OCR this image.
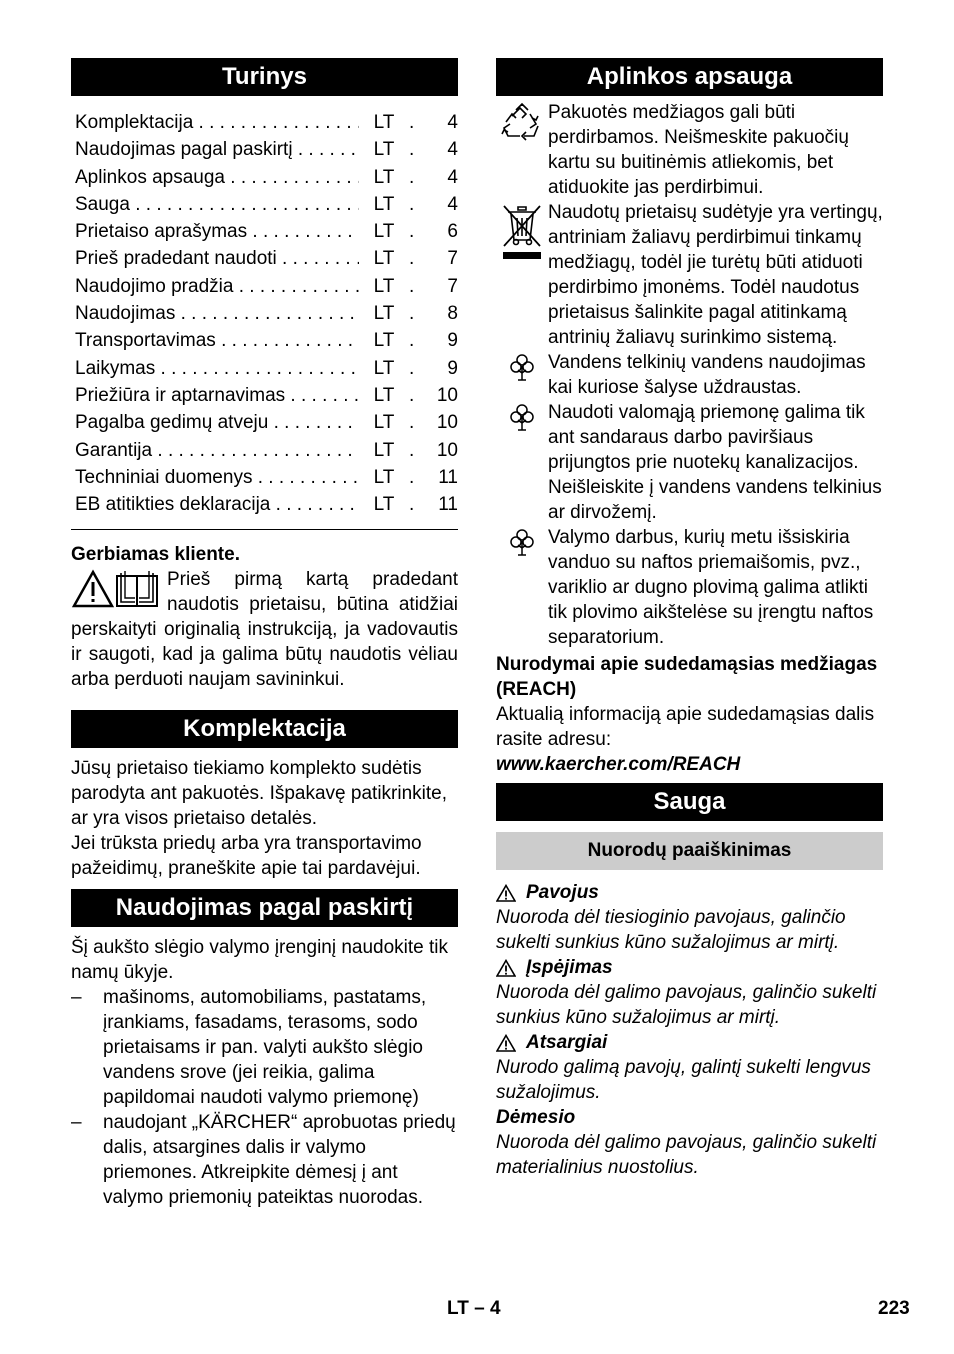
Turinys
Komplektacija . . .	LT . . .	4
Naudojimas pagal paskirtį . . .	LT . . .	4
Aplinkos apsauga . . .	LT . . .	4
Sauga . . .	LT . . .	4
Prietaiso aprašymas . . .	LT . . .	6
Prieš pradedant naudoti . . .	LT . . .	7
Naudojimo pradžia . . .	LT . . .	7
Naudojimas . . .	LT . . .	8
Transportavimas . . .	LT . . .	9
Laikymas . . .	LT . . .	9
Priežiūra ir aptarnavimas . . .	LT . . .	10
Pagalba gedimų atveju . . .	LT . . .	10
Garantija . . .	LT . . .	10
Techniniai duomenys . . .	LT . . .	11
EB atitikties deklaracija . . .	LT . . .	11

Gerbiamas kliente.

Prieš pirmą kartą pradedant naudotis prietaisu, būtina atidžiai perskaityti originalią instrukciją, ja vadovautis ir saugoti, kad ja galima būtų naudotis vėliau arba perduoti naujam savininkui.

Komplektacija

Jūsų prietaiso tiekiamo komplekto sudėtis parodyta ant pakuotės. Išpakavę patikrinkite, ar yra visos prietaiso detalės.

Jei trūksta priedų arba yra transportavimo pažeidimų, praneškite apie tai pardavėjui.

Naudojimas pagal paskirtį

Šį aukšto slėgio valymo įrenginį naudokite tik namų ūkyje.

–	mašinoms, automobiliams, pastatams, įrankiams, fasadams, terasoms, sodo prietaisams ir pan. valyti aukšto slėgio vandens srove (jei reikia, galima papildomai naudoti valymo priemonę)
–	naudojant „KÄRCHER“ aprobuotas priedų dalis, atsargines dalis ir valymo priemones. Atkreipkite dėmesį į ant valymo priemonių pateiktas nuorodas.
Aplinkos apsauga
Pakuotės medžiagos gali būti perdirbamos. Neišmeskite pakuočių kartu su buitinėmis atliekomis, bet atiduokite jas perdirbimui.
Naudotų prietaisų sudėtyje yra vertingų, antriniam žaliavų perdirbimui tinkamų medžiagų, todėl jie turėtų būti atiduoti perdirbimo įmonėms. Todėl naudotus prietaisus šalinkite pagal atitinkamą antrinių žaliavų surinkimo sistemą.
Vandens telkinių vandens naudojimas kai kuriose šalyse uždraustas.
Naudoti valomąją priemonę galima tik ant sandaraus darbo paviršiaus prijungtos prie nuotekų kanalizacijos. Neišleiskite į vandens vandens telkinius ar dirvožemį.
Valymo darbus, kurių metu išsiskiria vanduo su naftos priemaišomis, pvz., variklio ar dugno plovimą galima atlikti tik plovimo aikštelėse su įrengtu naftos separatorium.

Nurodymai apie sudedamąsias medžiagas (REACH)

Aktualią informaciją apie sudedamąsias dalis rasite adresu:

www.kaercher.com/REACH

Sauga
Nuorodų paaiškinimas
Pavojus

Nuoroda dėl tiesioginio pavojaus, galinčio sukelti sunkius kūno sužalojimus ar mirtį.

Įspėjimas

Nuoroda dėl galimo pavojaus, galinčio sukelti sunkius kūno sužalojimus ar mirtį.

Atsargiai

Nurodo galimą pavojų, galintį sukelti lengvus sužalojimus.

Dėmesio

Nuoroda dėl galimo pavojaus, galinčio sukelti materialinius nuostolius.

LT – 4	223
